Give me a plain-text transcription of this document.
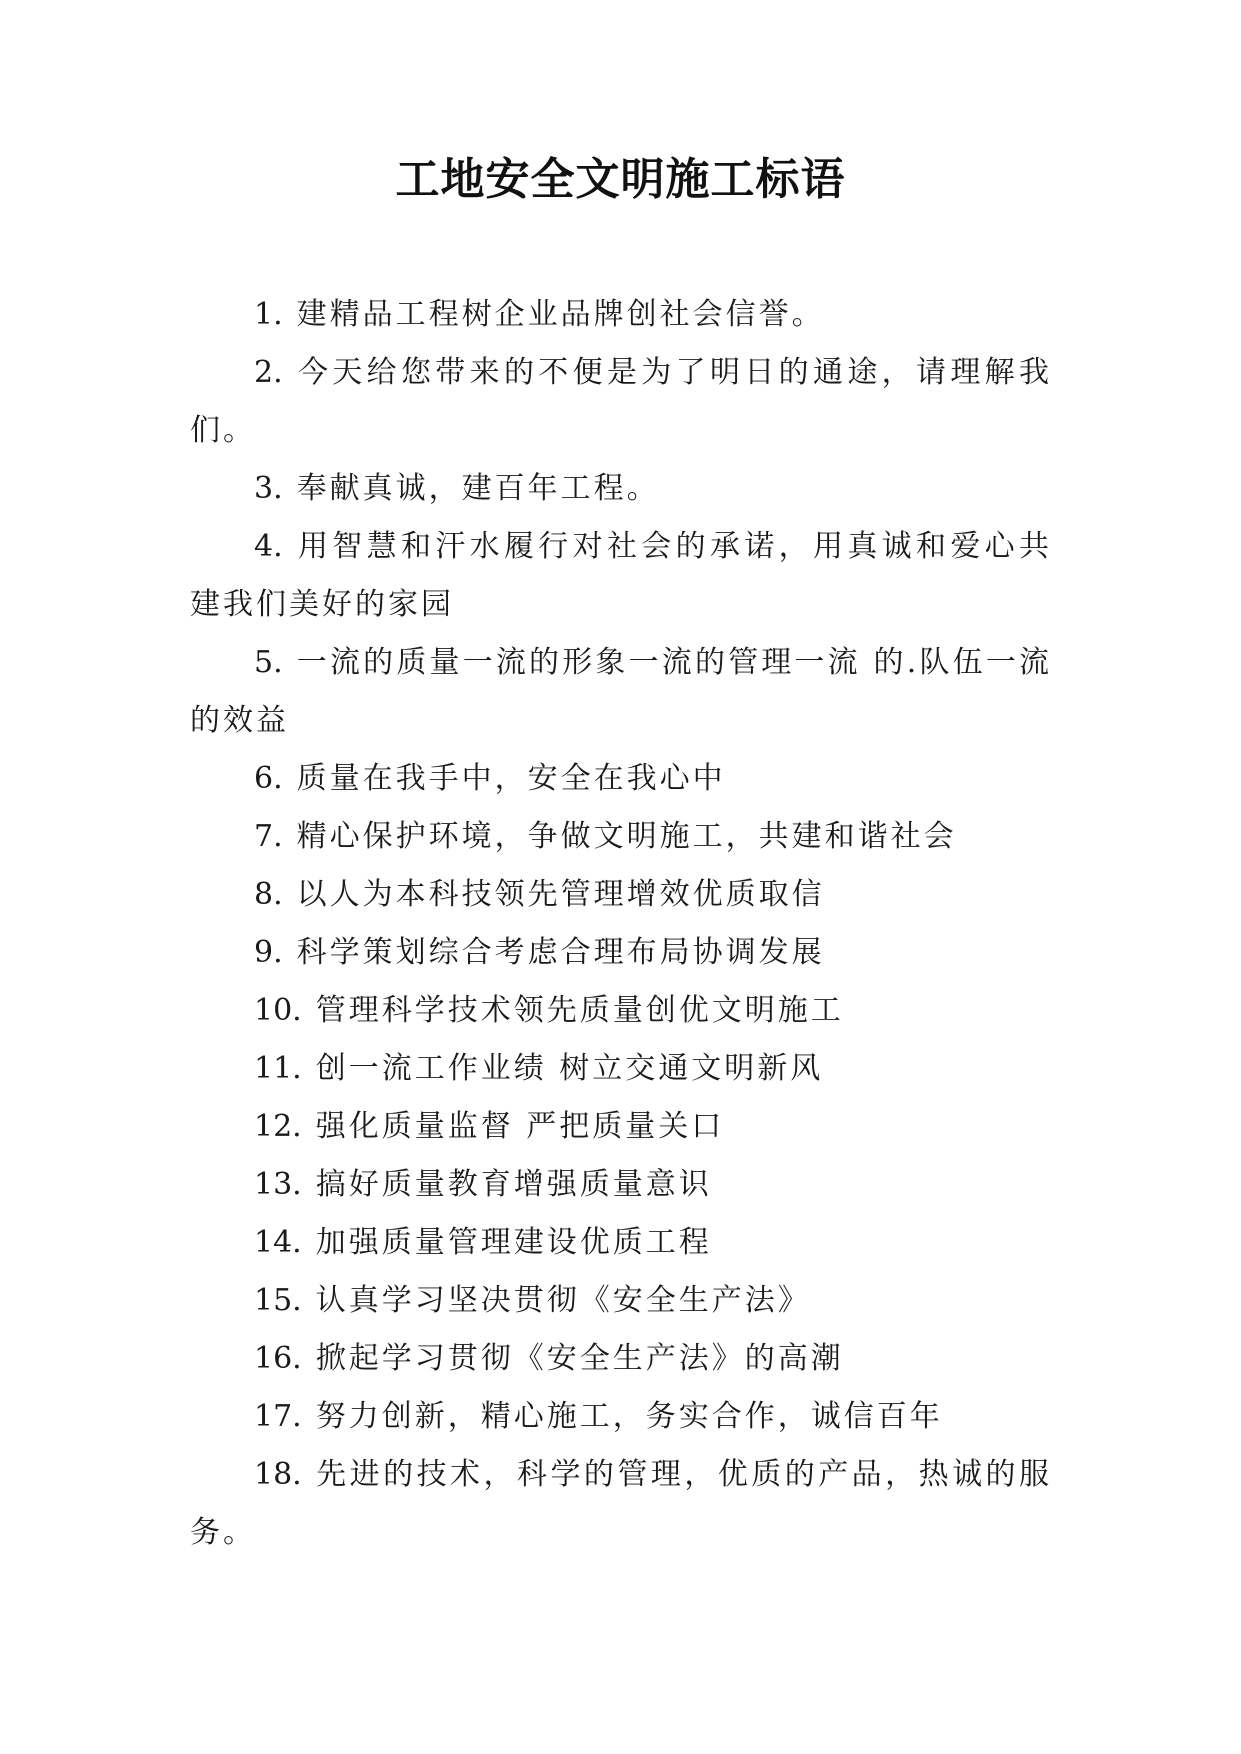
工地安全文明施工标语

1. 建精品工程树企业品牌创社会信誉。

2. 今天给您带来的不便是为了明日的通途，请理解我们。

3. 奉献真诚，建百年工程。

4. 用智慧和汗水履行对社会的承诺，用真诚和爱心共建我们美好的家园

5. 一流的质量一流的形象一流的管理一流 的.队伍一流的效益

6. 质量在我手中，安全在我心中

7. 精心保护环境，争做文明施工，共建和谐社会

8. 以人为本科技领先管理增效优质取信

9. 科学策划综合考虑合理布局协调发展

10. 管理科学技术领先质量创优文明施工

11. 创一流工作业绩 树立交通文明新风

12. 强化质量监督 严把质量关口

13. 搞好质量教育增强质量意识

14. 加强质量管理建设优质工程

15. 认真学习坚决贯彻《安全生产法》

16. 掀起学习贯彻《安全生产法》的高潮

17. 努力创新，精心施工，务实合作，诚信百年

18. 先进的技术，科学的管理，优质的产品，热诚的服务。
